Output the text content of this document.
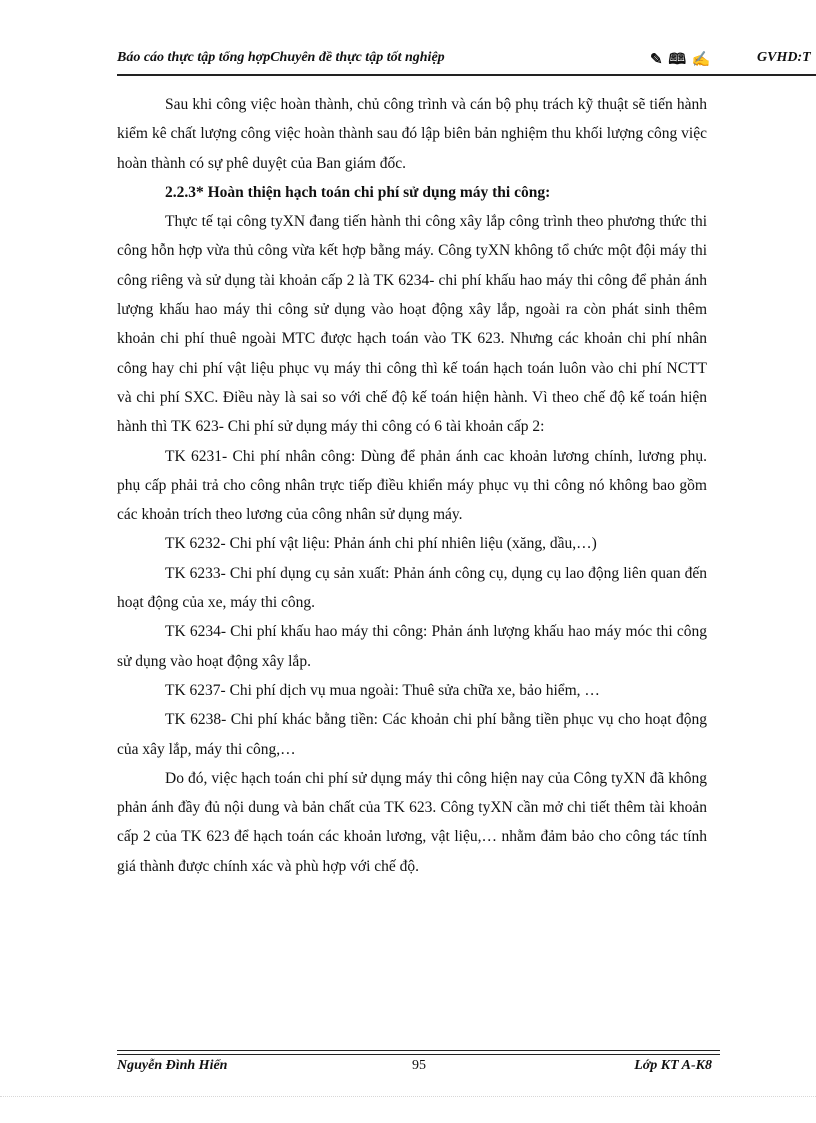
Báo cáo thực tập tổng hợpChuyên đề thực tập tốt nghiệp	✎ 🕮 ✍	GVHD:T

Sau khi công việc hoàn thành, chủ công trình và cán bộ phụ trách kỹ thuật sẽ tiến hành kiểm kê chất lượng công việc hoàn thành sau đó lập biên bản nghiệm thu khối lượng công việc hoàn thành có sự phê duyệt của Ban giám đốc.

2.2.3* Hoàn thiện hạch toán chi phí sử dụng máy thi công:

Thực tế tại công tyXN đang tiến hành thi công xây lắp công trình theo phương thức thi công hỗn hợp vừa thủ công vừa kết hợp bằng máy. Công tyXN không tổ chức một đội máy thi công riêng và sử dụng tài khoản cấp 2 là TK 6234- chi phí khấu hao máy thi công để phản ánh lượng khấu hao máy thi công sử dụng vào hoạt động xây lắp, ngoài ra còn phát sinh thêm khoản chi phí thuê ngoài MTC được hạch toán vào TK 623. Nhưng các khoản chi phí nhân công hay chi phí vật liệu phục vụ máy thi công thì kế toán hạch toán luôn vào chi phí NCTT và chi phí SXC. Điều này là sai so với chế độ kế toán hiện hành. Vì theo chế độ kế toán hiện hành thì TK 623- Chi phí sử dụng máy thi công có 6 tài khoản cấp 2:

TK 6231- Chi phí nhân công: Dùng để phản ánh cac khoản lương chính, lương phụ. phụ cấp phải trả cho công nhân trực tiếp điều khiển máy phục vụ thi công nó không bao gồm các khoản trích theo lương của công nhân sử dụng máy.

TK 6232- Chi phí vật liệu: Phản ánh chi phí nhiên liệu (xăng, dầu,…)

TK 6233- Chi phí dụng cụ sản xuất: Phản ánh công cụ, dụng cụ lao động liên quan đến hoạt động của xe, máy thi công.

TK 6234- Chi phí khấu hao máy thi công: Phản ánh lượng khấu hao máy móc thi công sử dụng vào hoạt động xây lắp.

TK 6237- Chi phí dịch vụ mua ngoài: Thuê sửa chữa xe, bảo hiểm, …

TK 6238- Chi phí khác bằng tiền: Các khoản chi phí bằng tiền phục vụ cho hoạt động của xây lắp, máy thi công,…

Do đó, việc hạch toán chi phí sử dụng máy thi công hiện nay của Công tyXN đã không phản ánh đầy đủ nội dung và bản chất của TK 623. Công tyXN cần mở chi tiết thêm tài khoản cấp 2 của TK 623 để hạch toán các khoản lương, vật liệu,… nhằm đảm bảo cho công tác tính giá thành được chính xác và phù hợp với chế độ.

Nguyễn Đình Hiển	95	Lớp KT A-K8
